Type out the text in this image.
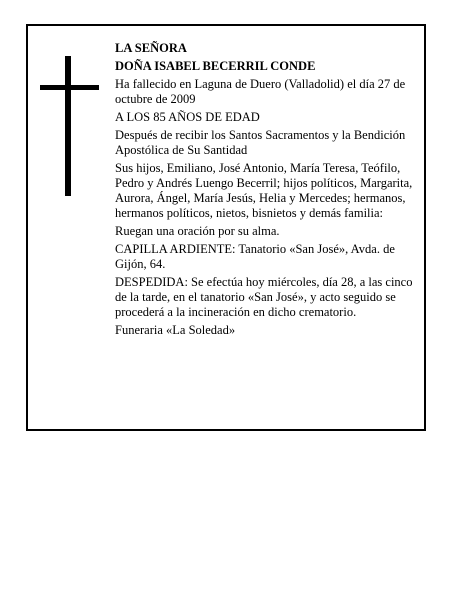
LA SEÑORA

DOÑA ISABEL BECERRIL CONDE

Ha fallecido en Laguna de Duero (Valladolid) el día 27 de octubre de 2009

A LOS 85 AÑOS DE EDAD

Después de recibir los Santos Sacramentos y la Bendición Apostólica de Su Santidad

Sus hijos, Emiliano, José Antonio, María Teresa, Teófilo, Pedro y Andrés Luengo Becerril; hijos políticos, Margarita, Aurora, Ángel, María Jesús, Helia y Mercedes; hermanos, hermanos políticos, nietos, bisnietos y demás familia:

Ruegan una oración por su alma.

CAPILLA ARDIENTE: Tanatorio «San José», Avda. de Gijón, 64.

DESPEDIDA: Se efectúa hoy miércoles, día 28, a las cinco de la tarde, en el tanatorio «San José», y acto seguido se procederá a la incineración en dicho crematorio.

Funeraria «La Soledad»
